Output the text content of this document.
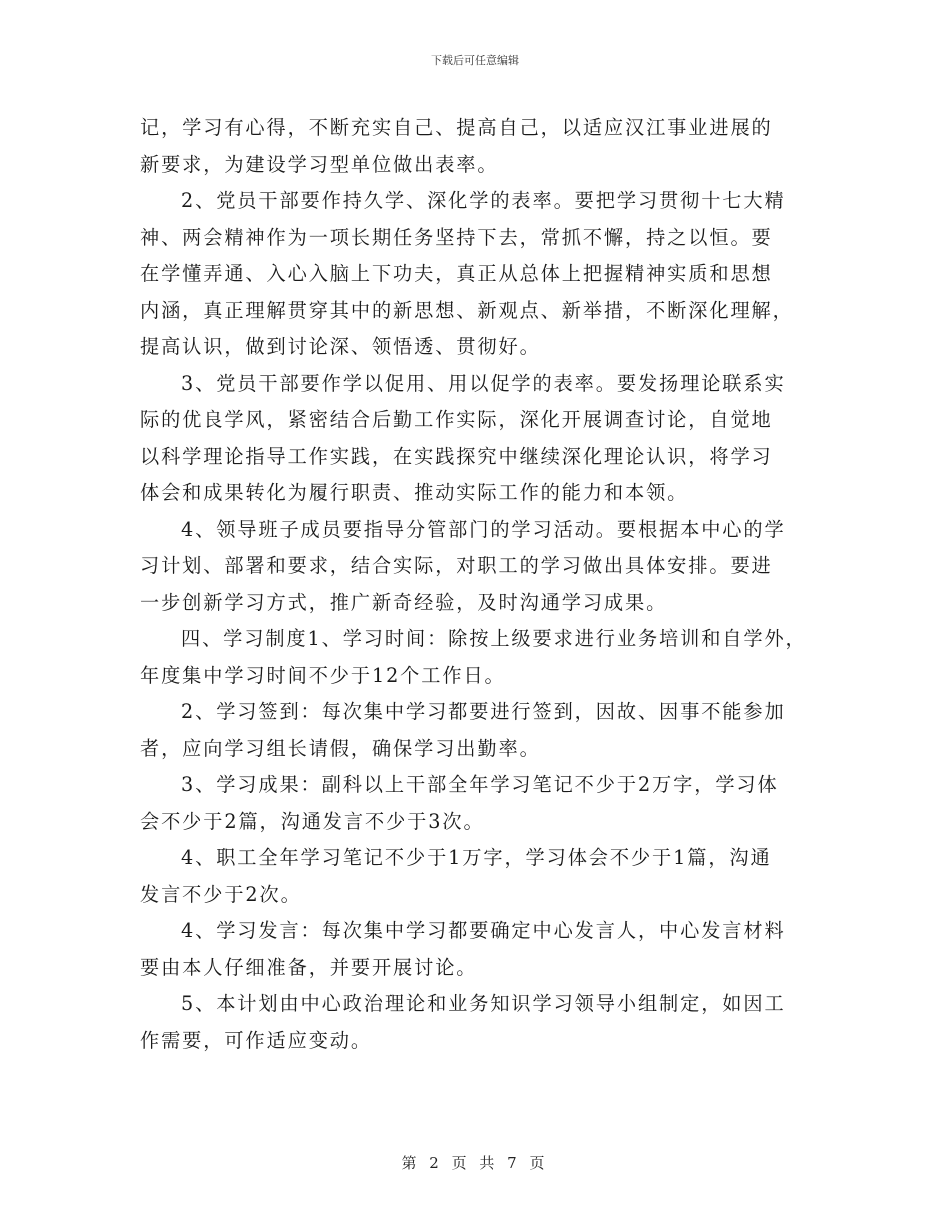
下载后可任意编辑
记，学习有心得，不断充实自己、提高自己，以适应汉江事业进展的
新要求，为建设学习型单位做出表率。
2、党员干部要作持久学、深化学的表率。要把学习贯彻十七大精
神、两会精神作为一项长期任务坚持下去，常抓不懈，持之以恒。要
在学懂弄通、入心入脑上下功夫，真正从总体上把握精神实质和思想
内涵，真正理解贯穿其中的新思想、新观点、新举措，不断深化理解，
提高认识，做到讨论深、领悟透、贯彻好。
3、党员干部要作学以促用、用以促学的表率。要发扬理论联系实
际的优良学风，紧密结合后勤工作实际，深化开展调查讨论，自觉地
以科学理论指导工作实践，在实践探究中继续深化理论认识，将学习
体会和成果转化为履行职责、推动实际工作的能力和本领。
4、领导班子成员要指导分管部门的学习活动。要根据本中心的学
习计划、部署和要求，结合实际，对职工的学习做出具体安排。要进
一步创新学习方式，推广新奇经验，及时沟通学习成果。
四、学习制度1、学习时间：除按上级要求进行业务培训和自学外，
年度集中学习时间不少于12个工作日。
2、学习签到：每次集中学习都要进行签到，因故、因事不能参加
者，应向学习组长请假，确保学习出勤率。
3、学习成果：副科以上干部全年学习笔记不少于2万字，学习体
会不少于2篇，沟通发言不少于3次。
4、职工全年学习笔记不少于1万字，学习体会不少于1篇，沟通
发言不少于2次。
4、学习发言：每次集中学习都要确定中心发言人，中心发言材料
要由本人仔细准备，并要开展讨论。
5、本计划由中心政治理论和业务知识学习领导小组制定，如因工
作需要，可作适应变动。
第 2 页 共 7 页
